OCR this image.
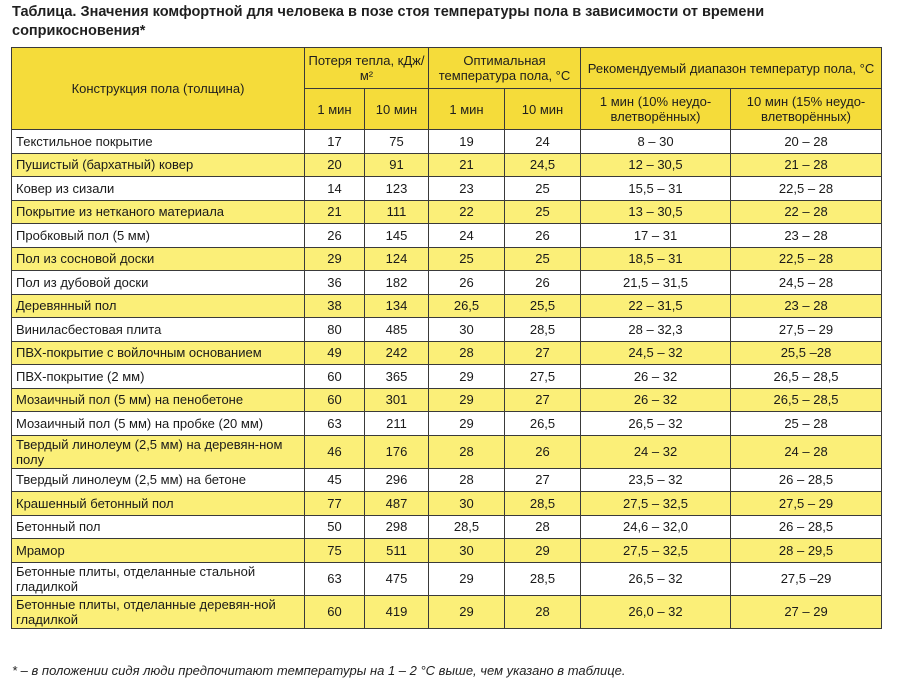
Таблица. Значения комфортной для человека в позе стоя температуры пола в зависимости от времени соприкосновения*
Конструкция пола (толщина)	Потеря тепла, кДж/м²		Оптимальная температура пола, °С		Рекомендуемый диапазон температур пола, °С	
	1 мин	10 мин	1 мин	10 мин	1 мин (10% неудо-влетворённых)	10 мин (15% неудо-влетворённых)
Текстильное покрытие	17	75	19	24	8 – 30	20 – 28
Пушистый (бархатный) ковер	20	91	21	24,5	12 – 30,5	21 – 28
Ковер из сизали	14	123	23	25	15,5 – 31	22,5 – 28
Покрытие из нетканого материала	21	111	22	25	13 – 30,5	22 – 28
Пробковый пол (5 мм)	26	145	24	26	17 – 31	23 – 28
Пол из сосновой доски	29	124	25	25	18,5 – 31	22,5 – 28
Пол из дубовой доски	36	182	26	26	21,5 – 31,5	24,5 – 28
Деревянный пол	38	134	26,5	25,5	22 – 31,5	23 – 28
Виниласбестовая плита	80	485	30	28,5	28 – 32,3	27,5 – 29
ПВХ-покрытие с войлочным основанием	49	242	28	27	24,5 – 32	25,5 –28
ПВХ-покрытие (2 мм)	60	365	29	27,5	26 – 32	26,5 – 28,5
Мозаичный пол (5 мм) на пенобетоне	60	301	29	27	26 – 32	26,5 – 28,5
Мозаичный пол (5 мм) на пробке (20 мм)	63	211	29	26,5	26,5 – 32	25 – 28
Твердый линолеум (2,5 мм) на деревян-ном полу	46	176	28	26	24 – 32	24 – 28
Твердый линолеум (2,5 мм) на бетоне	45	296	28	27	23,5 – 32	26 – 28,5
Крашенный бетонный пол	77	487	30	28,5	27,5 – 32,5	27,5 – 29
Бетонный пол	50	298	28,5	28	24,6 – 32,0	26 – 28,5
Мрамор	75	511	30	29	27,5 – 32,5	28 – 29,5
Бетонные плиты, отделанные стальной гладилкой	63	475	29	28,5	26,5 – 32	27,5 –29
Бетонные плиты, отделанные деревян-ной гладилкой	60	419	29	28	26,0 – 32	27 – 29
* – в положении сидя люди предпочитают температуры на 1 – 2 °С выше, чем указано в таблице.
